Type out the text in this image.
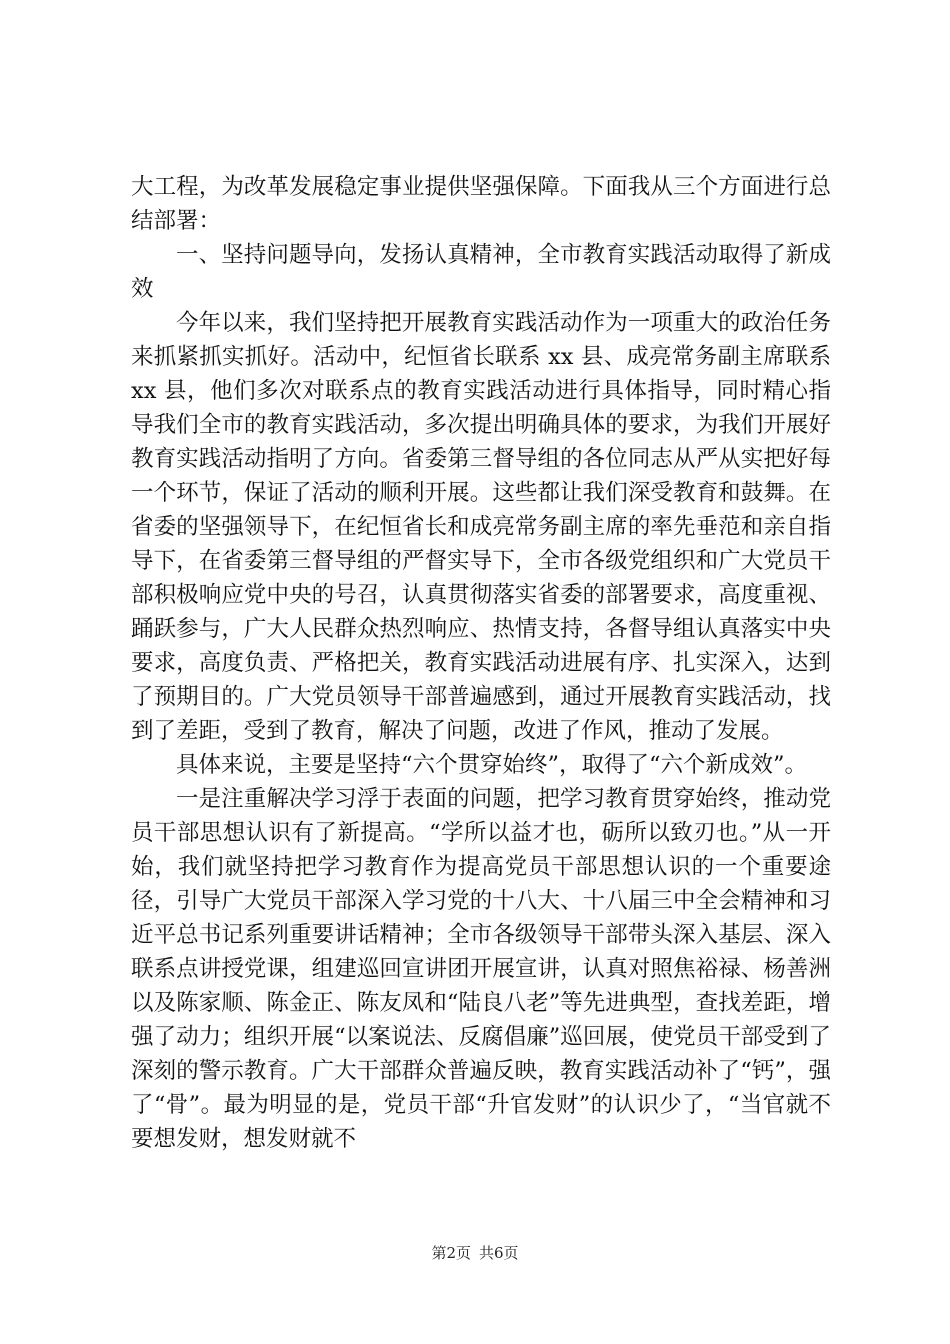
大工程，为改革发展稳定事业提供坚强保障。下面我从三个方面进行总结部署：

一、坚持问题导向，发扬认真精神，全市教育实践活动取得了新成效

今年以来，我们坚持把开展教育实践活动作为一项重大的政治任务来抓紧抓实抓好。活动中，纪恒省长联系 xx 县、成亮常务副主席联系 xx 县，他们多次对联系点的教育实践活动进行具体指导，同时精心指导我们全市的教育实践活动，多次提出明确具体的要求，为我们开展好教育实践活动指明了方向。省委第三督导组的各位同志从严从实把好每一个环节，保证了活动的顺利开展。这些都让我们深受教育和鼓舞。在省委的坚强领导下，在纪恒省长和成亮常务副主席的率先垂范和亲自指导下，在省委第三督导组的严督实导下，全市各级党组织和广大党员干部积极响应党中央的号召，认真贯彻落实省委的部署要求，高度重视、踊跃参与，广大人民群众热烈响应、热情支持，各督导组认真落实中央要求，高度负责、严格把关，教育实践活动进展有序、扎实深入，达到了预期目的。广大党员领导干部普遍感到，通过开展教育实践活动，找到了差距，受到了教育，解决了问题，改进了作风，推动了发展。

具体来说，主要是坚持“六个贯穿始终”，取得了“六个新成效”。

一是注重解决学习浮于表面的问题，把学习教育贯穿始终，推动党员干部思想认识有了新提高。“学所以益才也，砺所以致刃也。”从一开始，我们就坚持把学习教育作为提高党员干部思想认识的一个重要途径，引导广大党员干部深入学习党的十八大、十八届三中全会精神和习近平总书记系列重要讲话精神；全市各级领导干部带头深入基层、深入联系点讲授党课，组建巡回宣讲团开展宣讲，认真对照焦裕禄、杨善洲以及陈家顺、陈金正、陈友凤和“陆良八老”等先进典型，查找差距，增强了动力；组织开展“以案说法、反腐倡廉”巡回展，使党员干部受到了深刻的警示教育。广大干部群众普遍反映，教育实践活动补了“钙”，强了“骨”。最为明显的是，党员干部“升官发财”的认识少了，“当官就不要想发财，想发财就不

第2页 共6页
